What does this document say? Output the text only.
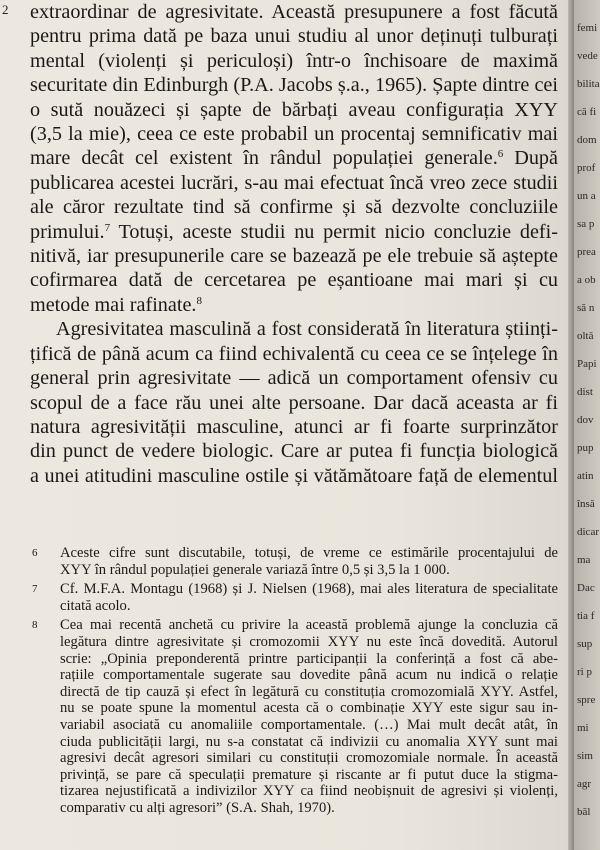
2 extraordinar de agresivitate. Această presupunere a fost făcută
pentru prima dată pe baza unui studiu al unor deținuți tulburați
mental (violenți și periculoși) într-o închisoare de maximă
securitate din Edinburgh (P.A. Jacobs ș.a., 1965). Șapte dintre cei
o sută nouăzeci și șapte de bărbați aveau configurația XYY
(3,5 la mie), ceea ce este probabil un procentaj semnificativ mai
mare decât cel existent în rândul populației generale.$^6$ După
publicarea acestei lucrări, s-au mai efectuat încă vreo zece studii
ale căror rezultate tind să confirme și să dezvolte concluziile
primului.$^7$ Totuși, aceste studii nu permit nicio concluzie defi-
nitivă, iar presupunerile care se bazează pe ele trebuie să aștepte
cofirmarea dată de cercetarea pe eșantioane mai mari și cu
metode mai rafinate.$^8$
Agresivitatea masculină a fost considerată în literatura științi-
țifică de până acum ca fiind echivalentă cu ceea ce se înțelege în
general prin agresivitate — adică un comportament ofensiv cu
scopul de a face rău unei alte persoane. Dar dacă aceasta ar fi
natura agresivității masculine, atunci ar fi foarte surprinzător
din punct de vedere biologic. Care ar putea fi funcția biologică
a unei atitudini masculine ostile și vătămătoare față de elementul
6 Aceste cifre sunt discutabile, totuși, de vreme ce estimările procentajului de
XYY în rândul populației generale variază între 0,5 și 3,5 la 1 000.
7 Cf. M.F.A. Montagu (1968) și J. Nielsen (1968), mai ales literatura de specialitate
citată acolo.
8 Cea mai recentă anchetă cu privire la această problemă ajunge la concluzia că
legătura dintre agresivitate și cromozomii XYY nu este încă dovedită. Autorul
scrie: „Opinia preponderentă printre participanții la conferință a fost că abe-
rațiile comportamentale sugerate sau dovedite până acum nu indică o relație
directă de tip cauză și efect în legătură cu constituția cromozomială XYY. Astfel,
nu se poate spune la momentul acesta că o combinație XYY este sigur sau in-
variabil asociată cu anomaliile comportamentale. (…) Mai mult decât atât, în
ciuda publicității largi, nu s-a constatat că indivizii cu anomalia XYY sunt mai
agresivi decât agresori similari cu constituții cromozomiale normale. În această
privință, se pare că speculații premature și riscante ar fi putut duce la stigma-
tizarea nejustificată a indivizilor XYY ca fiind neobișnuit de agresivi și violenți,
comparativ cu alți agresori” (S.A. Shah, 1970).
femi
vede
bilita
că fi
dom
prof
un a
sa p
prea
a ob
să n
oltă
Papi
dist
dov
pup
atin
însă
dicar
ma
Dac
tia f
sup
ri p
spre
mi
sim
agr
băl
